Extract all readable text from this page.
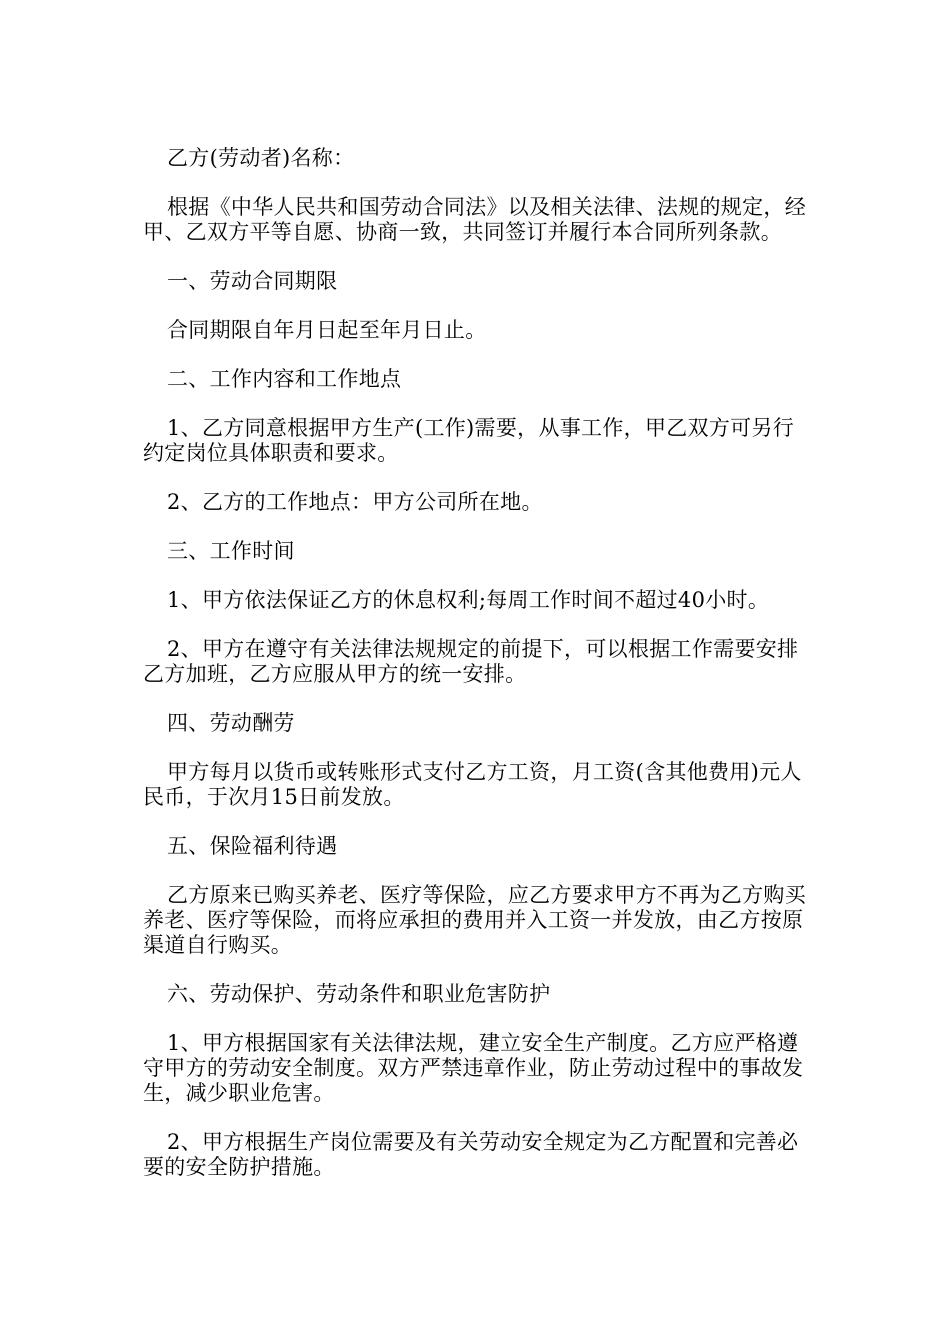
乙方(劳动者)名称：

根据《中华人民共和国劳动合同法》以及相关法律、法规的规定，经甲、乙双方平等自愿、协商一致，共同签订并履行本合同所列条款。

一、劳动合同期限

合同期限自年月日起至年月日止。

二、工作内容和工作地点

1、乙方同意根据甲方生产(工作)需要，从事工作，甲乙双方可另行约定岗位具体职责和要求。

2、乙方的工作地点：甲方公司所在地。

三、工作时间

1、甲方依法保证乙方的休息权利;每周工作时间不超过40小时。

2、甲方在遵守有关法律法规规定的前提下，可以根据工作需要安排乙方加班，乙方应服从甲方的统一安排。

四、劳动酬劳

甲方每月以货币或转账形式支付乙方工资，月工资(含其他费用)元人民币，于次月15日前发放。

五、保险福利待遇

乙方原来已购买养老、医疗等保险，应乙方要求甲方不再为乙方购买养老、医疗等保险，而将应承担的费用并入工资一并发放，由乙方按原渠道自行购买。

六、劳动保护、劳动条件和职业危害防护

1、甲方根据国家有关法律法规，建立安全生产制度。乙方应严格遵守甲方的劳动安全制度。双方严禁违章作业，防止劳动过程中的事故发生，减少职业危害。

2、甲方根据生产岗位需要及有关劳动安全规定为乙方配置和完善必要的安全防护措施。
